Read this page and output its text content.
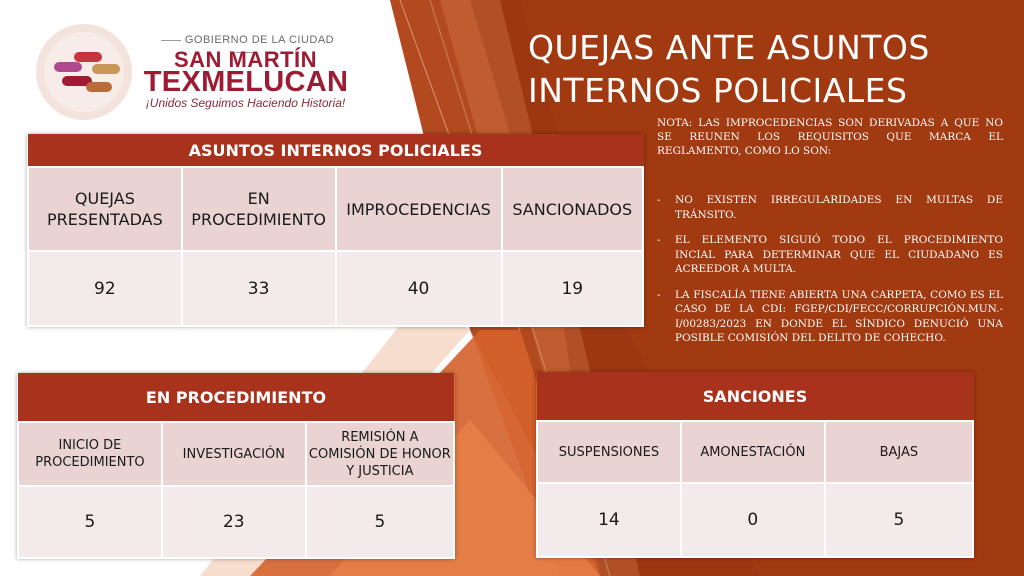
GOBIERNO DE LA CIUDAD
SAN MARTÍN
TEXMELUCAN
¡Unidos Seguimos Haciendo Historia!
QUEJAS ANTE ASUNTOS
INTERNOS POLICIALES

NOTA: LAS IMPROCEDENCIAS SON DERIVADAS A QUE NO SE REUNEN LOS REQUISITOS QUE MARCA EL REGLAMENTO, COMO LO SON:

- NO EXISTEN IRREGULARIDADES EN MULTAS DE TRÁNSITO.
- EL ELEMENTO SIGUIÓ TODO EL PROCEDIMIENTO INCIAL PARA DETERMINAR QUE EL CIUDADANO ES ACREEDOR A MULTA.
- LA FISCALÍA TIENE ABIERTA UNA CARPETA, COMO ES EL CASO DE LA CDI: FGEP/CDI/FECC/CORRUPCIÓN.MUN.-I/00283/2023 EN DONDE EL SÍNDICO DENUCIÓ UNA POSIBLE COMISIÓN DEL DELITO DE COHECHO.
ASUNTOS INTERNOS POLICIALES			
QUEJAS PRESENTADAS	EN PROCEDIMIENTO	IMPROCEDENCIAS	SANCIONADOS
92	33	40	19
EN PROCEDIMIENTO		
INICIO DE PROCEDIMIENTO	INVESTIGACIÓN	REMISIÓN A COMISIÓN DE HONOR Y JUSTICIA
5	23	5
SANCIONES		
SUSPENSIONES	AMONESTACIÓN	BAJAS
14	0	5
